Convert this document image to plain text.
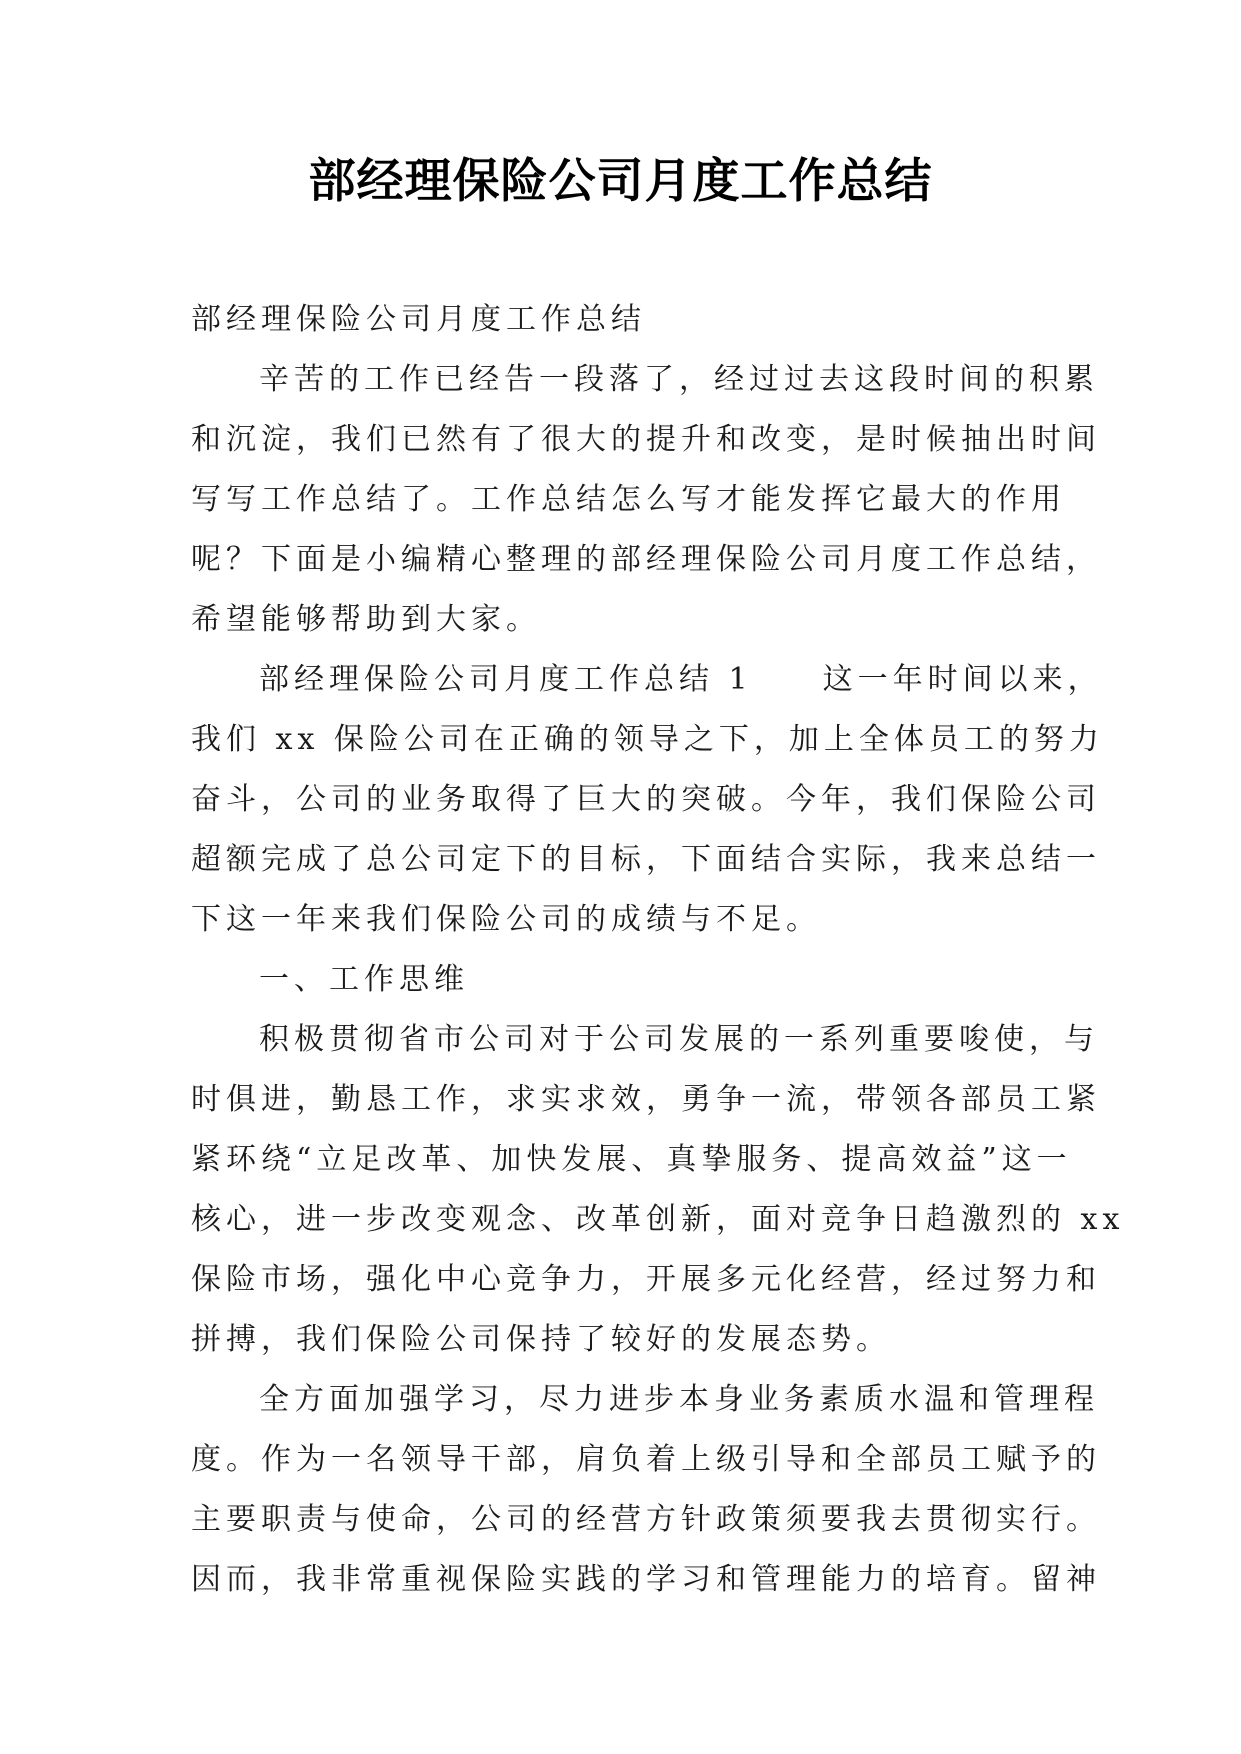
部经理保险公司月度工作总结
部经理保险公司月度工作总结
辛苦的工作已经告一段落了，经过过去这段时间的积累
和沉淀，我们已然有了很大的提升和改变，是时候抽出时间
写写工作总结了。工作总结怎么写才能发挥它最大的作用
呢？下面是小编精心整理的部经理保险公司月度工作总结，
希望能够帮助到大家。
部经理保险公司月度工作总结 1　　这一年时间以来，
我们 xx 保险公司在正确的领导之下，加上全体员工的努力
奋斗，公司的业务取得了巨大的突破。今年，我们保险公司
超额完成了总公司定下的目标，下面结合实际，我来总结一
下这一年来我们保险公司的成绩与不足。
一、工作思维
积极贯彻省市公司对于公司发展的一系列重要唆使，与
时俱进，勤恳工作，求实求效，勇争一流，带领各部员工紧
紧环绕“立足改革、加快发展、真挚服务、提高效益”这一
核心，进一步改变观念、改革创新，面对竞争日趋激烈的 xx
保险市场，强化中心竞争力，开展多元化经营，经过努力和
拼搏，我们保险公司保持了较好的发展态势。
全方面加强学习，尽力进步本身业务素质水温和管理程
度。作为一名领导干部，肩负着上级引导和全部员工赋予的
主要职责与使命，公司的经营方针政策须要我去贯彻实行。
因而，我非常重视保险实践的学习和管理能力的培育。留神
